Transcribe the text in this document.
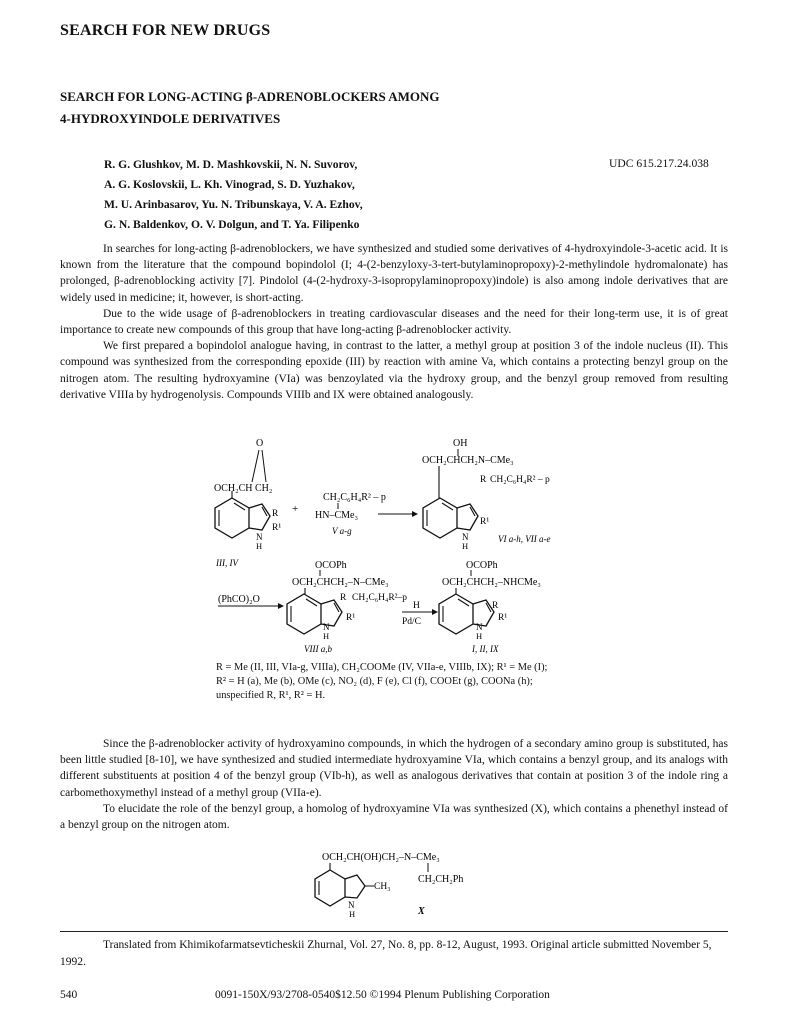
SEARCH FOR NEW DRUGS
SEARCH FOR LONG-ACTING β-ADRENOBLOCKERS AMONG
4-HYDROXYINDOLE DERIVATIVES
R. G. Glushkov, M. D. Mashkovskii, N. N. Suvorov,
A. G. Koslovskii, L. Kh. Vinograd, S. D. Yuzhakov,
M. U. Arinbasarov, Yu. N. Tribunskaya, V. A. Ezhov,
G. N. Baldenkov, O. V. Dolgun, and T. Ya. Filipenko
UDC 615.217.24.038

In searches for long-acting β-adrenoblockers, we have synthesized and studied some derivatives of 4-hydroxyindole-3-acetic acid. It is known from the literature that the compound bopindolol (I; 4-(2-benzyloxy-3-tert-butylaminopropoxy)-2-methylindole hydromalonate) has prolonged, β-adrenoblocking activity [7]. Pindolol (4-(2-hydroxy-3-isopropylaminopropoxy)indole) is also among indole derivatives that are widely used in medicine; it, however, is short-acting.

Due to the wide usage of β-adrenoblockers in treating cardiovascular diseases and the need for their long-term use, it is of great importance to create new compounds of this group that have long-acting β-adrenoblocker activity.

We first prepared a bopindolol analogue having, in contrast to the latter, a methyl group at position 3 of the indole nucleus (II). This compound was synthesized from the corresponding epoxide (III) by reaction with amine Va, which contains a protecting benzyl group on the nitrogen atom. The resulting hydroxyamine (VIa) was benzoylated via the hydroxy group, and the benzyl group removed from resulting derivative VIIIa by hydrogenolysis. Compounds VIIIb and IX were obtained analogously.

OCH₂CH CH₂
O
R
R¹
N
H
III, IV
+
CH₂C₆H₄R² – p
HN–CMe₃
V a-g
OH
OCH₂CHCH₂N–CMe₃
R CH₂C₆H₄R² – p
R¹
N
H
VI a-h, VII a-e
OCOPh
OCH₂CHCH₂–N–CMe₃
R CH₂C₆H₄R²–p
R¹
N
H
VIII a,b
(PhCO)₂O
H
Pd/C
OCOPh
OCH₂CHCH₂–NHCMe₃
R
R¹
N
H
I, II, IX
R = Me (II, III, VIa-g, VIIIa), CH₂COOMe (IV, VIIa-e, VIIIb, IX); R¹ = Me (I);
R² = H (a), Me (b), OMe (c), NO₂ (d), F (e), Cl (f), COOEt (g), COONa (h);
unspecified R, R¹, R² = H.

Since the β-adrenoblocker activity of hydroxyamino compounds, in which the hydrogen of a secondary amino group is substituted, has been little studied [8-10], we have synthesized and studied intermediate hydroxyamine VIa, which contains a benzyl group, and its analogs with different substituents at position 4 of the benzyl group (VIb-h), as well as analogous derivatives that contain at position 3 of the indole ring a carbomethoxymethyl instead of a methyl group (VIIa-e).

To elucidate the role of the benzyl group, a homolog of hydroxyamine VIa was synthesized (X), which contains a phenethyl instead of a benzyl group on the nitrogen atom.

OCH₂CH(OH)CH₂–N–CMe₃
CH₃
CH₂CH₂Ph
N
H	X

Translated from Khimikofarmatsevticheskii Zhurnal, Vol. 27, No. 8, pp. 8-12, August, 1993. Original article submitted November 5, 1992.

540	0091-150X/93/2708-0540$12.50 ©1994 Plenum Publishing Corporation
